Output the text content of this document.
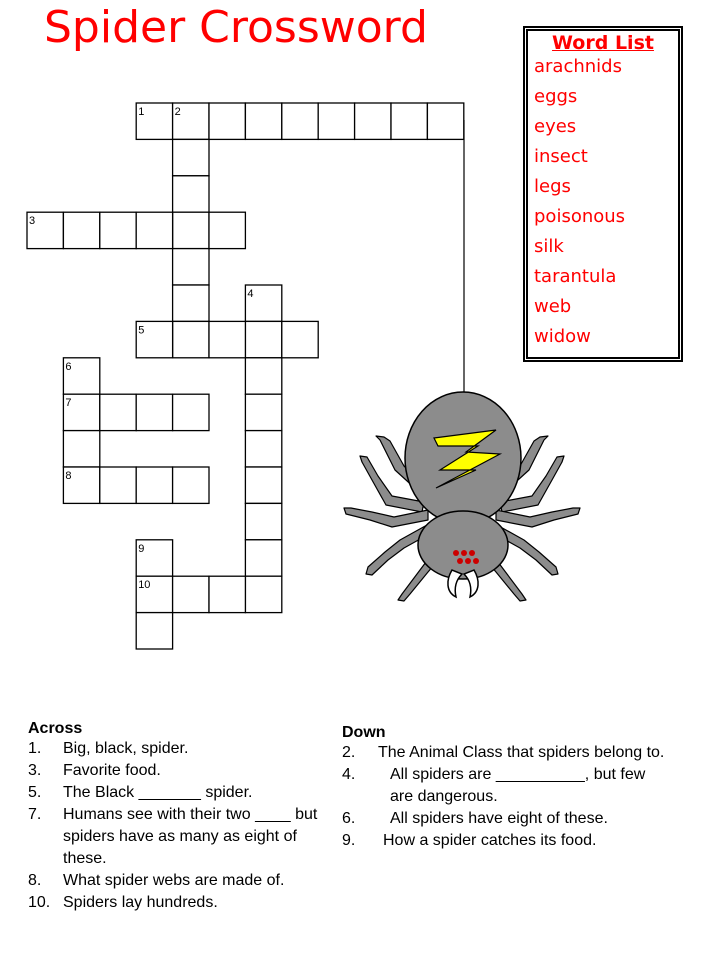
Spider Crossword	Word List
arachnids
eggs
eyes
insect
legs
poisonous
silk
tarantula
web
widow
1	2
3
4
5
6
7
8
9
10
Across
1. Big, black, spider.
3. Favorite food.
5. The Black _______ spider.
7. Humans see with their two ____ but spiders have as many as eight of these.
8. What spider webs are made of.
10. Spiders lay hundreds.
Down
2.	The Animal Class that spiders belong to.
4.	All spiders are __________, but few are dangerous.
6.	All spiders have eight of these.
9.	How a spider catches its food.
